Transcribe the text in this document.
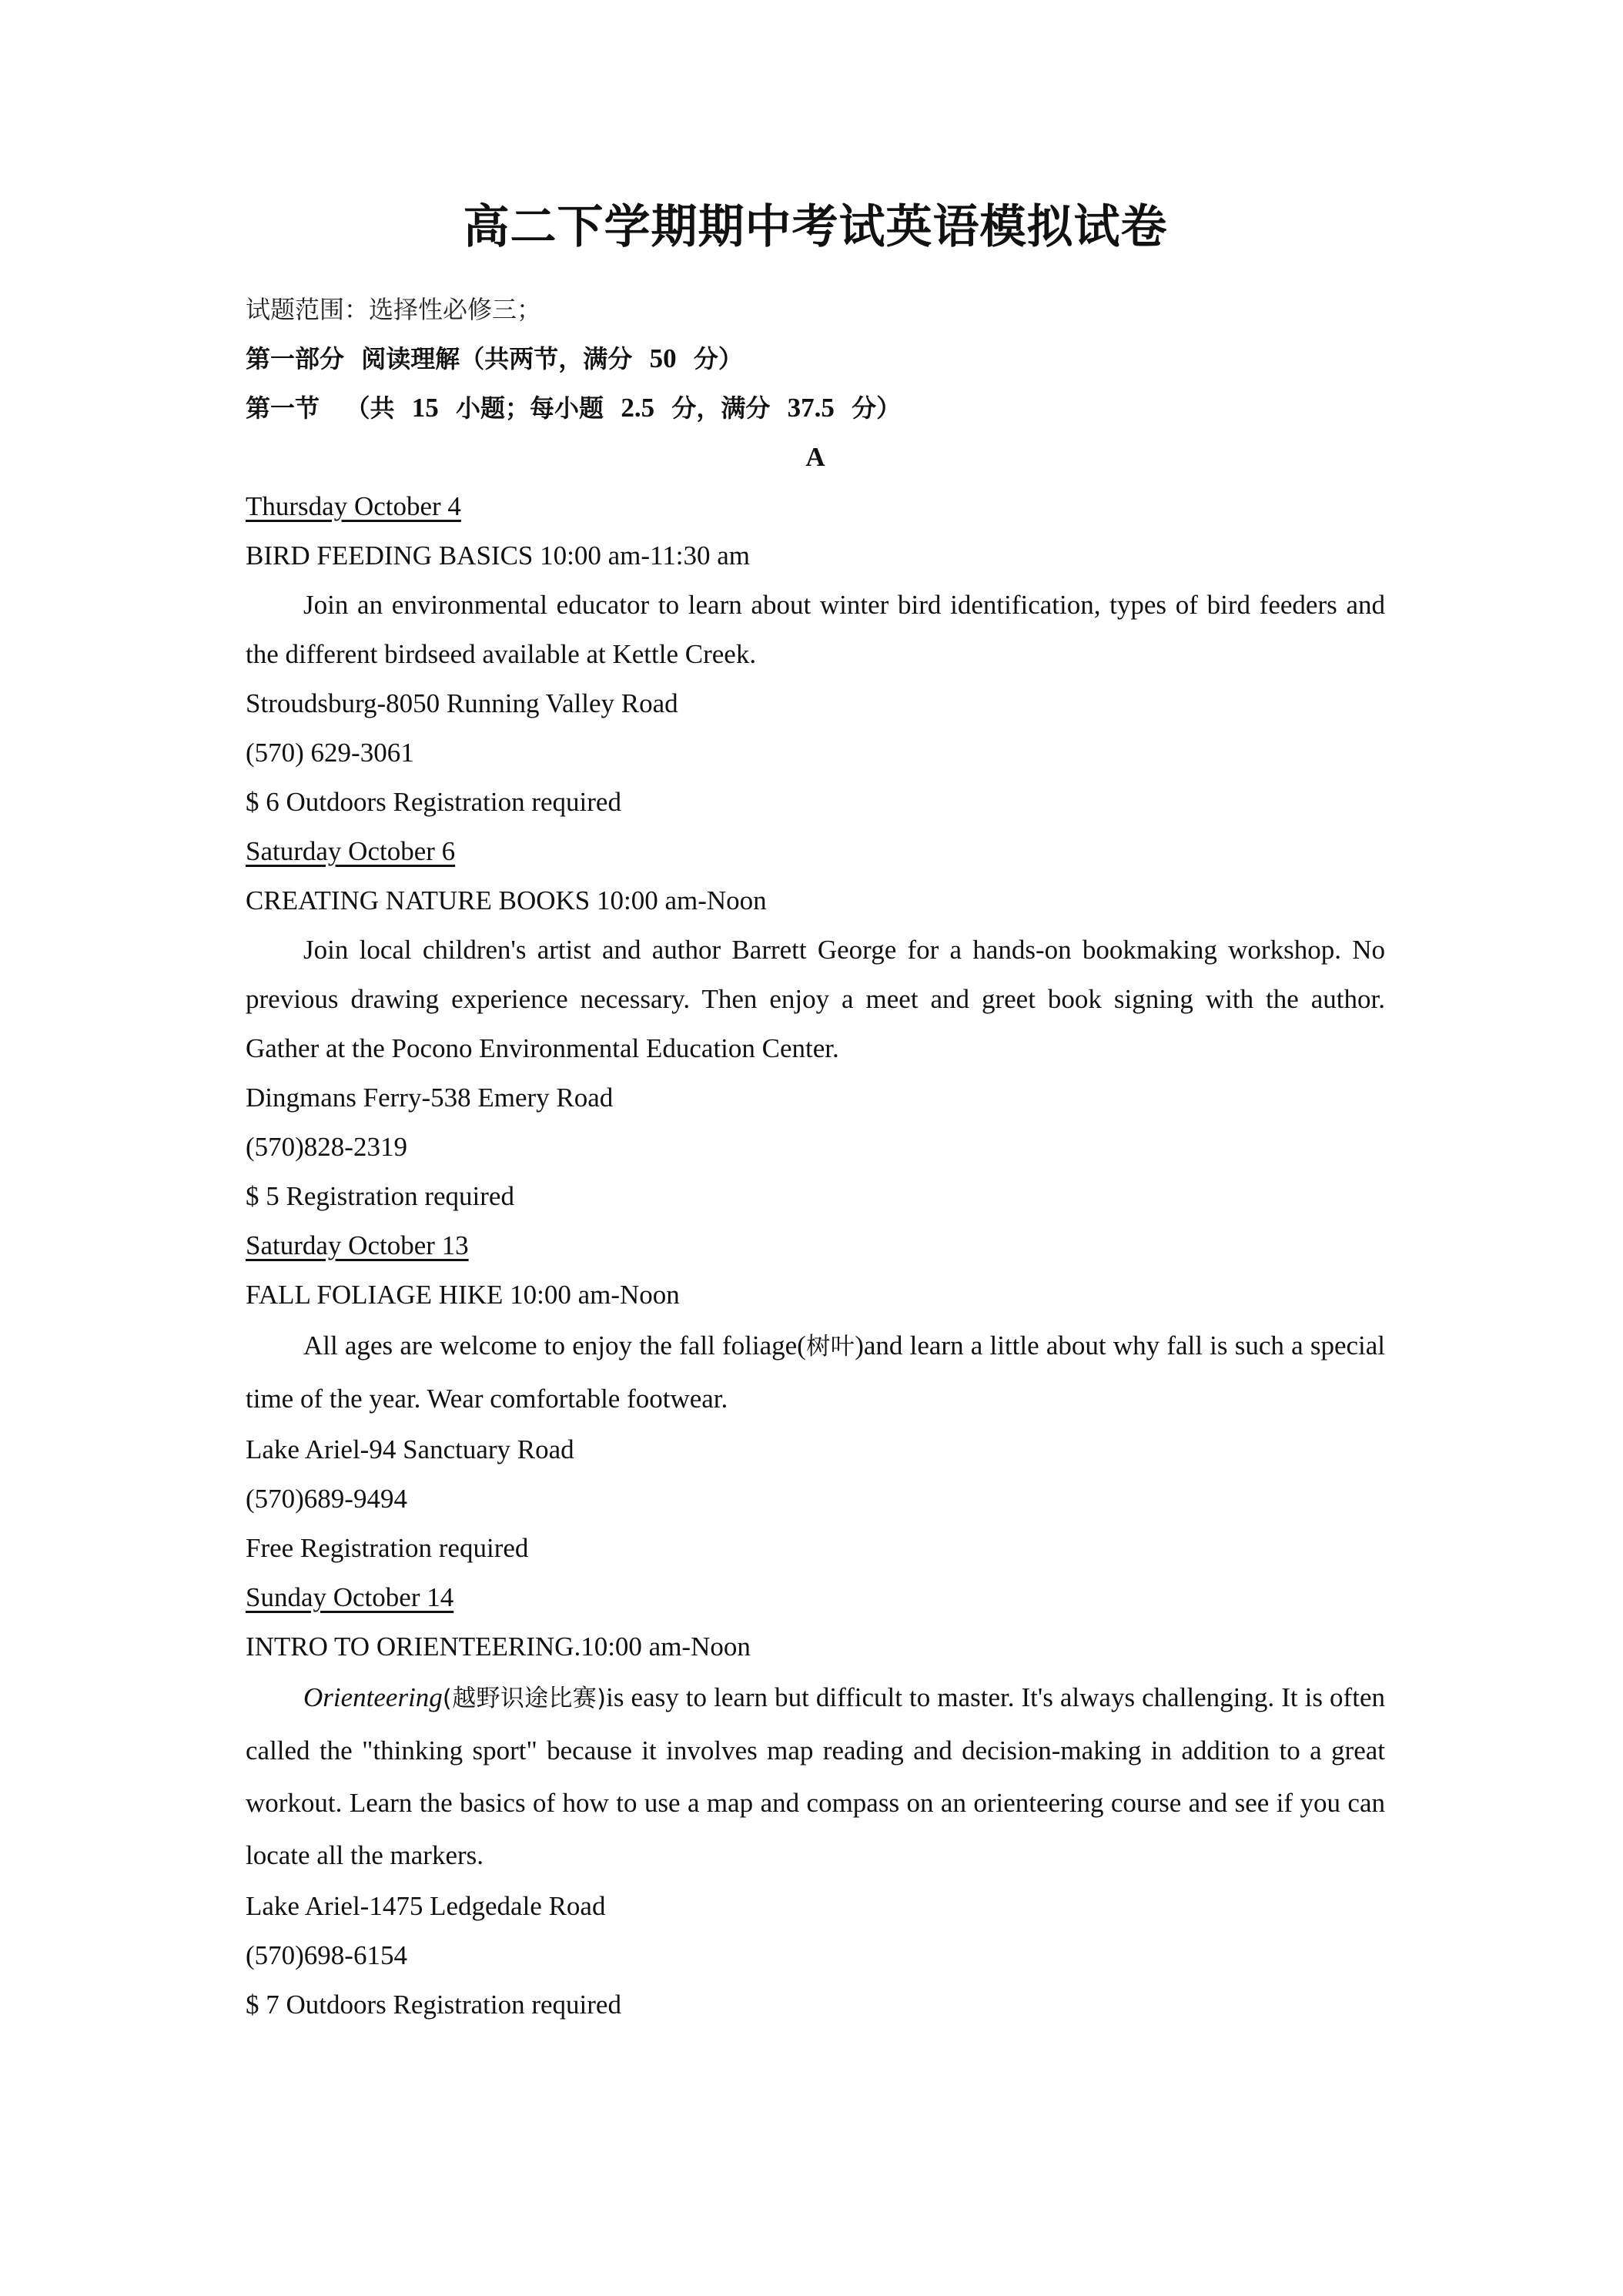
高二下学期期中考试英语模拟试卷
试题范围：选择性必修三；
第一部分 阅读理解（共两节，满分 50 分）
第一节 （共 15 小题；每小题 2.5 分，满分 37.5 分）
A
Thursday October 4
BIRD FEEDING BASICS 10:00 am-11:30 am
Join an environmental educator to learn about winter bird identification, types of bird feeders and the different birdseed available at Kettle Creek.
Stroudsburg-8050 Running Valley Road
(570) 629-3061
$ 6 Outdoors Registration required
Saturday October 6
CREATING NATURE BOOKS 10:00 am-Noon
Join local children's artist and author Barrett George for a hands-on bookmaking workshop. No previous drawing experience necessary. Then enjoy a meet and greet book signing with the author. Gather at the Pocono Environmental Education Center.
Dingmans Ferry-538 Emery Road
(570)828-2319
$ 5 Registration required
Saturday October 13
FALL FOLIAGE HIKE 10:00 am-Noon
All ages are welcome to enjoy the fall foliage(树叶)and learn a little about why fall is such a special time of the year. Wear comfortable footwear.
Lake Ariel-94 Sanctuary Road
(570)689-9494
Free Registration required
Sunday October 14
INTRO TO ORIENTEERING.10:00 am-Noon
Orienteering(越野识途比赛)is easy to learn but difficult to master. It's always challenging. It is often called the "thinking sport" because it involves map reading and decision-making in addition to a great workout. Learn the basics of how to use a map and compass on an orienteering course and see if you can locate all the markers.
Lake Ariel-1475 Ledgedale Road
(570)698-6154
$ 7 Outdoors Registration required
